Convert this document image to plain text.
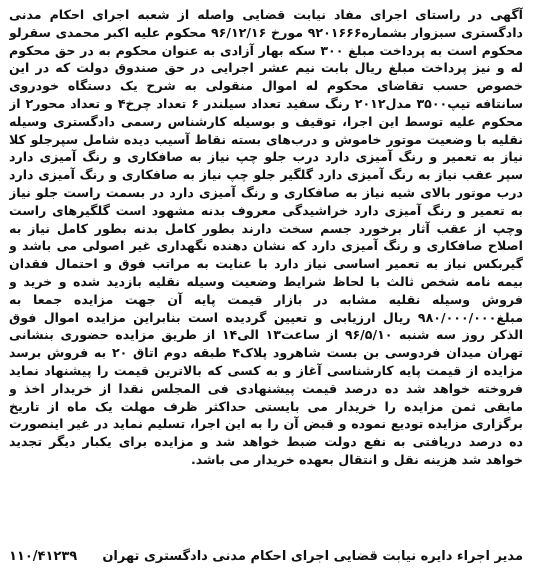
آگهی در راستای اجرای مفاد نیابت قضایی واصله از شعبه اجرای احکام مدنی دادگستری سبزوار بشماره۹۲۰۱۶۶۶ مورخ ۹۶/۱۲/۱۶ محکوم علیه اکبر محمدی سقرلو محکوم است به پرداخت مبلغ ۳۰۰ سکه بهار آزادی به عنوان محکوم به در حق محکوم له و نیز پرداخت مبلغ ریال بابت نیم عشر اجرایی در حق صندوق دولت که در این خصوص حسب تقاضای محکوم له اموال منقولی به شرح یک دستگاه خودروی سانتافه تیپ۳۵۰۰ مدل۲۰۱۲ رنگ سفید تعداد سیلندر ۶ تعداد چرخ۴ و تعداد محور۲ از محکوم علیه توسط این اجرا، توقیف و بوسیله کارشناس رسمی دادگستری وسیله نقلیه با وضعیت موتور خاموش و درب‌های بسته نقاط آسیب دیده شامل سپرجلو کلا نیاز به تعمیر و رنگ آمیزی دارد درب جلو چپ نیاز به صافکاری و رنگ آمیزی دارد سپر عقب نیاز به رنگ آمیزی دارد گلگیر جلو چپ نیاز به صافکاری و رنگ آمیزی دارد درب موتور بالای شیه نیاز به صافکاری و رنگ آمیزی دارد در بسمت راست جلو نیاز به تعمیر و رنگ آمیزی دارد خراشیدگی معروف بدنه مشهود است گلگیرهای راست وچپ از عقب آثار برخورد جسم سخت دارند بطور کامل بدنه بطور کامل نیاز به اصلاح صافکاری و رنگ آمیزی دارد که نشان دهنده نگهداری غیر اصولی می باشد و گیربکس نیاز به تعمیر اساسی نیاز دارد با عنایت به مراتب فوق و احتمال فقدان بیمه نامه شخص ثالث با لحاظ شرایط وضعیت وسیله نقلیه بازدید شده و خرید و فروش وسیله نقلیه مشابه در بازار قیمت پایه آن جهت مزایده جمعا به مبلغ۹۸۰/۰۰۰/۰۰۰ ریال ارزیابی و تعیین گردیده است بنابراین مزایده اموال فوق الذکر روز سه شنبه ۹۶/۵/۱۰ از ساعت۱۳ الی۱۴ از طریق مزایده حضوری بنشانی تهران میدان فردوسی بن بست شاهرود پلاک۴ طبقه دوم اتاق ۲۰ به فروش برسد مزایده از قیمت پایه کارشناسی آغاز و به کسی که بالاترین قیمت را پیشنهاد نماید فروخته خواهد شد ده درصد قیمت پیشنهادی فی المجلس نقدا از خریدار اخذ و مابقی ثمن مزایده را خریدار می بایستی حداکثر ظرف مهلت یک ماه از تاریخ برگزاری مزایده تودیع نموده و قبض آن را به این اجرا، تسلیم نماید در غیر اینصورت ده درصد دریافتی به نفع دولت ضبط خواهد شد و مزایده برای یکبار دیگر تجدید خواهد شد هزینه نقل و انتقال بعهده خریدار می باشد.

مدیر اجراء دایره نیابت قضایی اجرای احکام مدنی دادگستری تهران
۱۱۰/۴۱۲۳۹
